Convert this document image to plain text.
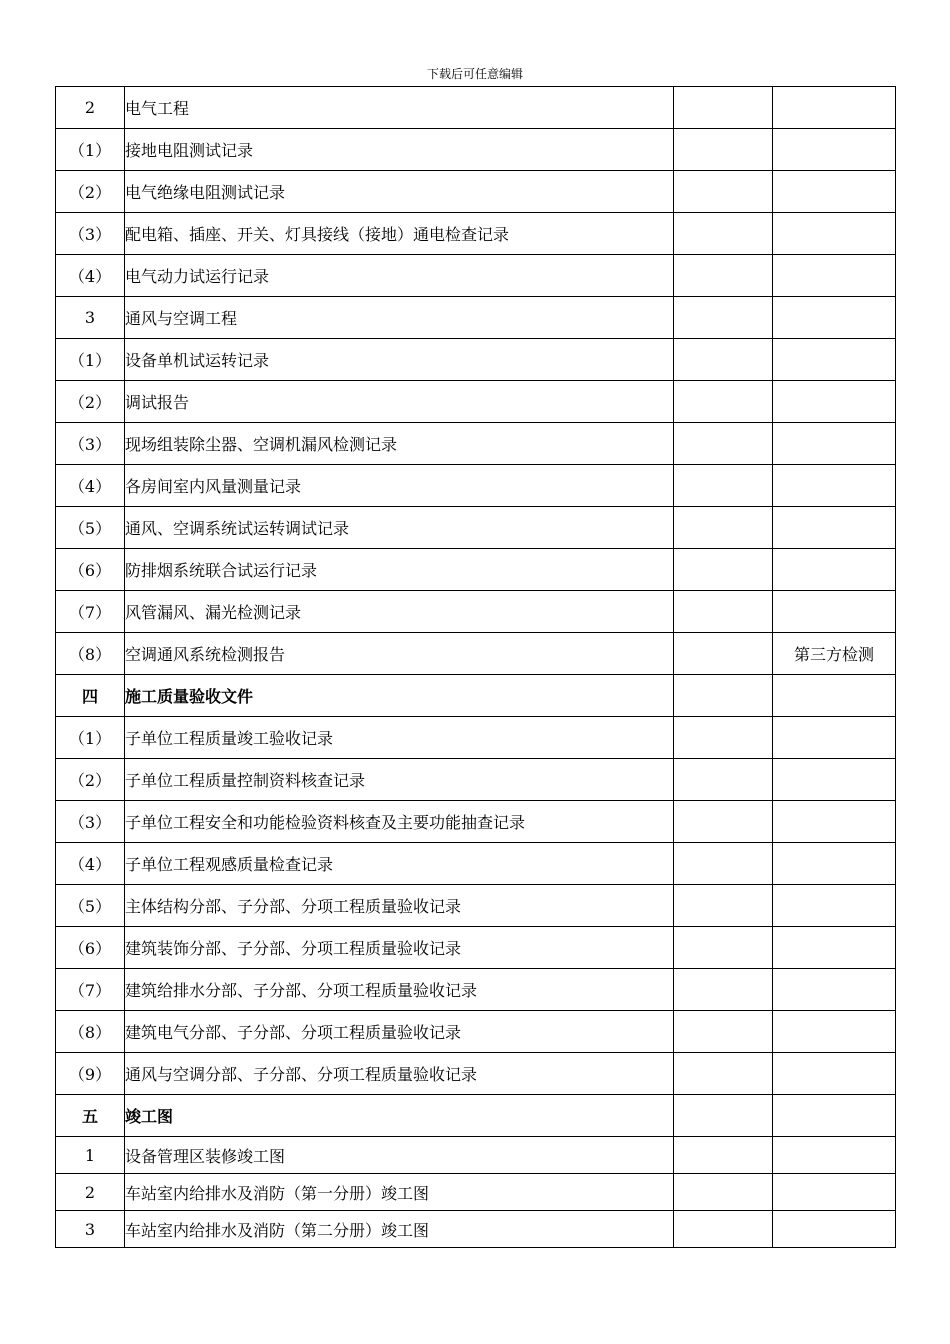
下载后可任意编辑
2	电气工程		
（1）	接地电阻测试记录		
（2）	电气绝缘电阻测试记录		
（3）	配电箱、插座、开关、灯具接线（接地）通电检查记录		
（4）	电气动力试运行记录		
3	通风与空调工程		
（1）	设备单机试运转记录		
（2）	调试报告		
（3）	现场组装除尘器、空调机漏风检测记录		
（4）	各房间室内风量测量记录		
（5）	通风、空调系统试运转调试记录		
（6）	防排烟系统联合试运行记录		
（7）	风管漏风、漏光检测记录		
（8）	空调通风系统检测报告		第三方检测
四	施工质量验收文件		
（1）	子单位工程质量竣工验收记录		
（2）	子单位工程质量控制资料核查记录		
（3）	子单位工程安全和功能检验资料核查及主要功能抽查记录		
（4）	子单位工程观感质量检查记录		
（5）	主体结构分部、子分部、分项工程质量验收记录		
（6）	建筑装饰分部、子分部、分项工程质量验收记录		
（7）	建筑给排水分部、子分部、分项工程质量验收记录		
（8）	建筑电气分部、子分部、分项工程质量验收记录		
（9）	通风与空调分部、子分部、分项工程质量验收记录		
五	竣工图		
1	设备管理区装修竣工图		
2	车站室内给排水及消防（第一分册）竣工图		
3	车站室内给排水及消防（第二分册）竣工图		
